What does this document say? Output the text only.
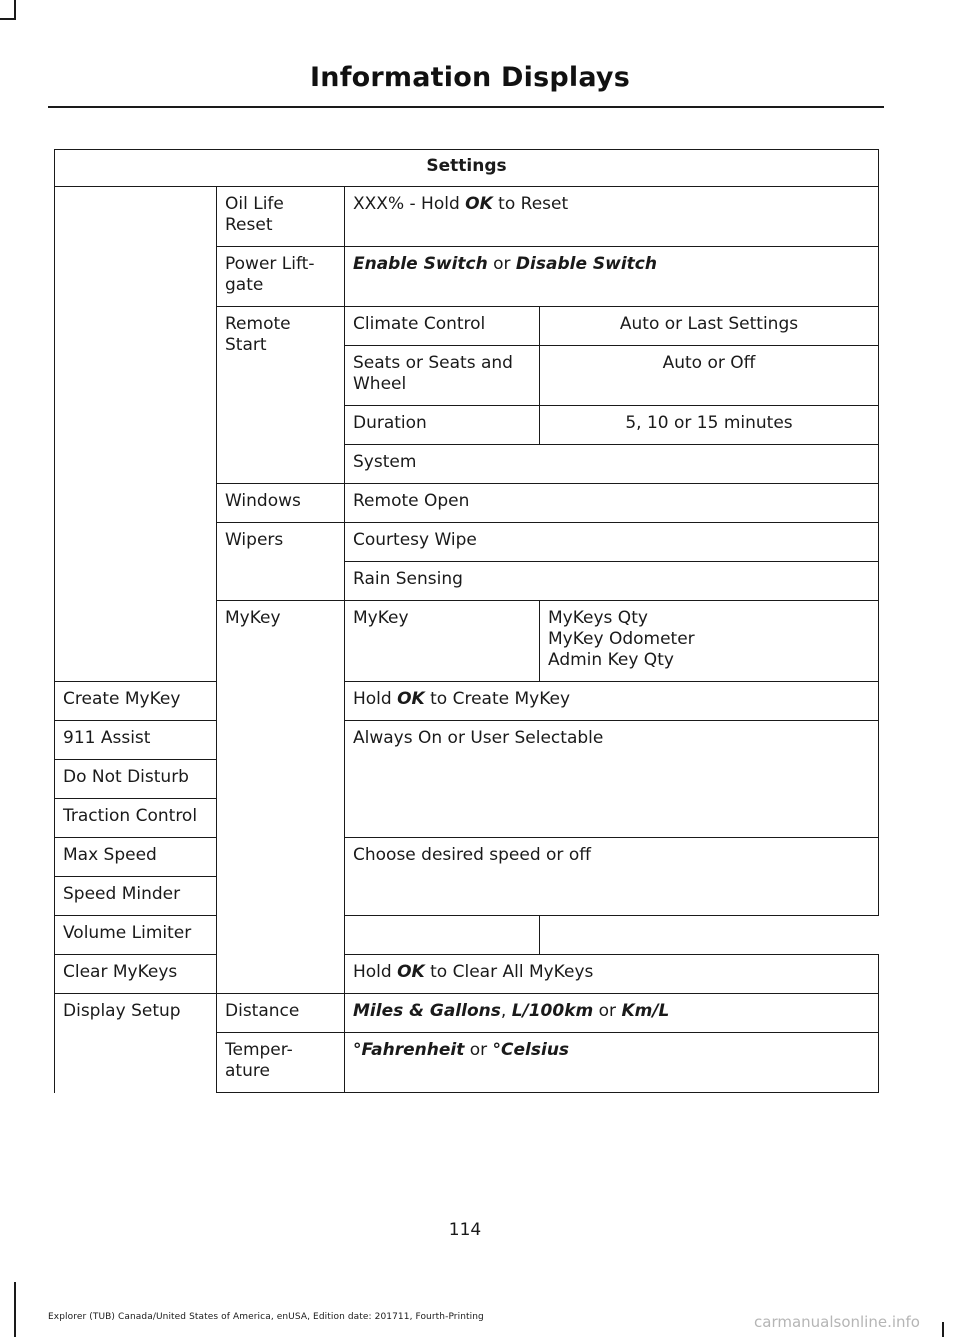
Information Displays
Settings			
	Oil Life Reset	XXX% - Hold OK to Reset	
	Power Lift-gate	Enable Switch or Disable Switch	
	Remote Start	Climate Control	Auto or Last Settings
		Seats or Seats and Wheel	Auto or Off
		Duration	5, 10 or 15 minutes
		System	
	Windows	Remote Open	
	Wipers	Courtesy Wipe	
		Rain Sensing	
	MyKey	MyKey	MyKeys Qty
MyKey Odometer
Admin Key Qty

Create MyKey		Hold OK to Create MyKey	
911 Assist		Always On or User Selectable	
Do Not Disturb			
Traction Control			
Max Speed		Choose desired speed or off	
Speed Minder			
Volume Limiter			
Clear MyKeys		Hold OK to Clear All MyKeys	
Display Setup	Distance	Miles & Gallons, L/100km or Km/L	
	Temper-ature	°Fahrenheit or °Celsius	
114
Explorer (TUB) Canada/United States of America, enUSA, Edition date: 201711, Fourth-Printing	carmanualsonline.info
